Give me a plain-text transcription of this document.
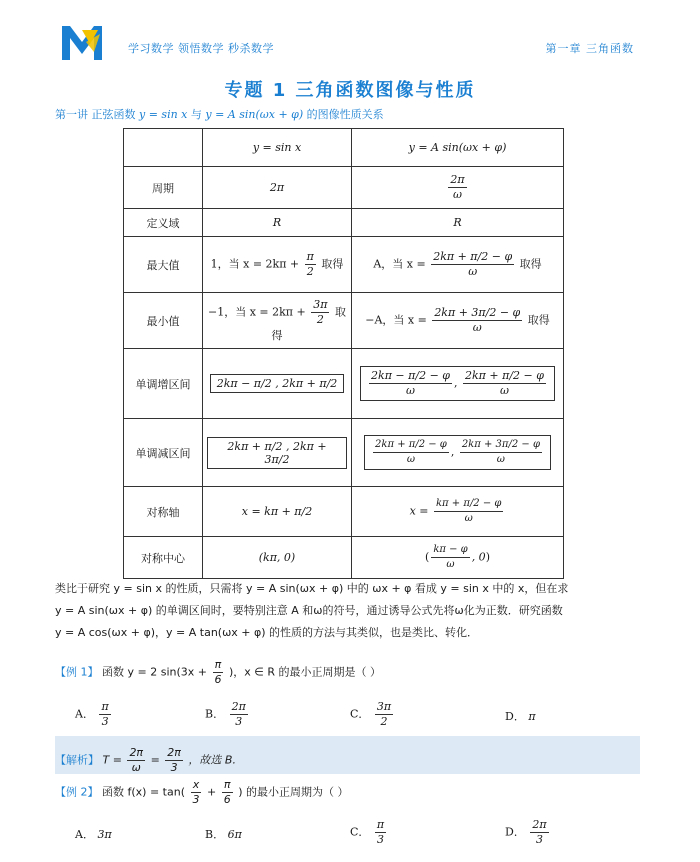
学习数学 领悟数学 秒杀数学	第一章 三角函数
专题 1 三角函数图像与性质
第一讲 正弦函数 y = sin x 与 y = A sin(ωx + φ) 的图像性质关系
	y = sin x	y = A sin(ωx + φ)
周期	2π	$\frac{2\pi}{\omega}$

定义域	R	R
最大值	1，当 $x = 2k\pi + \frac{\pi}{2}$ 取得	A，当 $x = \frac{2k\pi + \pi/2 - \varphi}{\omega}$ 取得
最小值	−1，当 $x = 2k\pi + \frac{3\pi}{2}$ 取得	−A，当 $x = \frac{2k\pi + 3\pi/2 - \varphi}{\omega}$ 取得
单调增区间	2kπ − π/2 , 2kπ + π/2	$\frac{2k\pi - \pi/2 - \varphi}{\omega}$ , $\frac{2k\pi + \pi/2 - \varphi}{\omega}$

单调减区间	2kπ + π/2 , 2kπ + 3π/2	$\frac{2k\pi + \pi/2 - \varphi}{\omega}$ , $\frac{2k\pi + 3\pi/2 - \varphi}{\omega}$

对称轴	x = kπ + π/2	$x = \frac{k\pi + \pi/2 - \varphi}{\omega}$

对称中心	(kπ, 0)	( $\frac{k\pi - \varphi}{\omega}$ , 0)
类比于研究 y = sin x 的性质，只需将 y = A sin(ωx + φ) 中的 ωx + φ 看成 y = sin x 中的 x，但在求
y = A sin(ωx + φ) 的单调区间时，要特别注意 A 和ω的符号，通过诱导公式先将ω化为正数．研究函数
y = A cos(ωx + φ)，y = A tan(ωx + φ) 的性质的方法与其类似，也是类比、转化．
【例 1】 函数 y = 2 $\sin(3x + \frac{\pi}{6}$ )，x ∈ R 的最小正周期是（ ）
A． $\frac{\pi}{3}$	B． $\frac{2\pi}{3}$	C． $\frac{3\pi}{2}$	D． π
【解析】 $T = \frac{2\pi}{\omega} = \frac{2\pi}{3}$ ，故选 B.
【例 2】 函数 $f(x) = \tan( \frac{x}{3} + \frac{\pi}{6}$ ) 的最小正周期为（ ）
A． 3π	B． 6π	C． $\frac{\pi}{3}$	D． $\frac{2\pi}{3}$
